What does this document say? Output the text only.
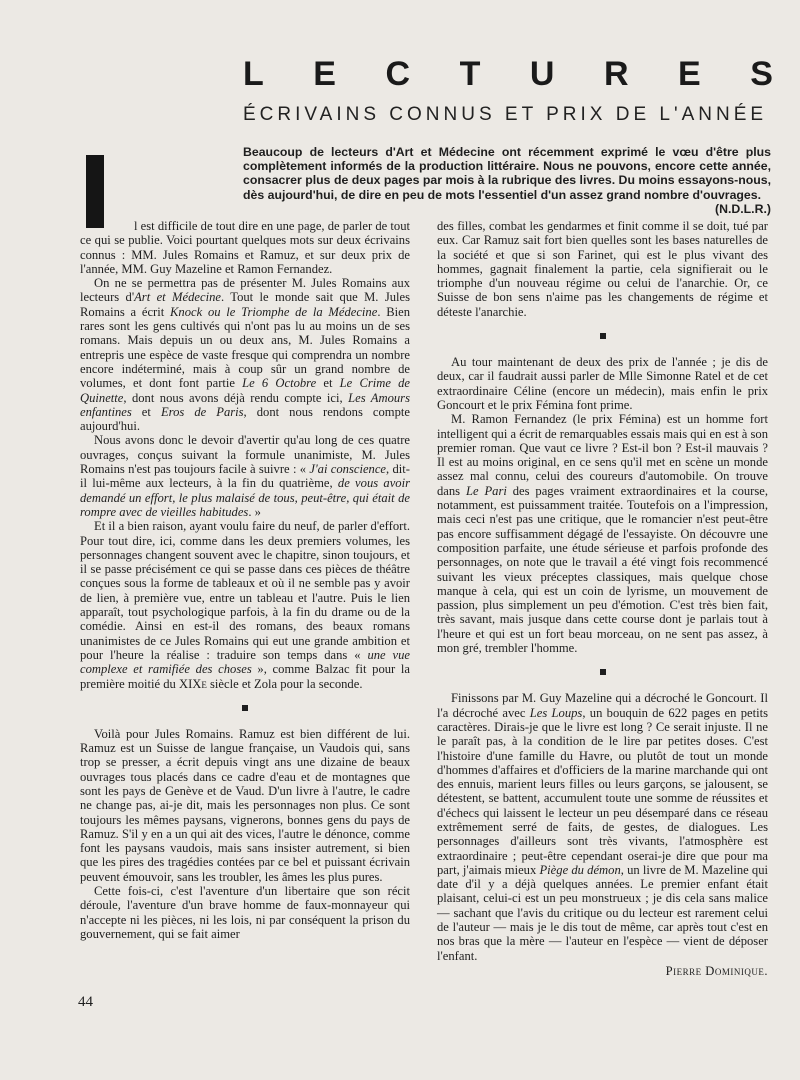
L E C T U R E S
ÉCRIVAINS CONNUS ET PRIX DE L'ANNÉE

Beaucoup de lecteurs d'Art et Médecine ont récemment exprimé le vœu d'être plus complètement informés de la production littéraire. Nous ne pouvons, encore cette année, consacrer plus de deux pages par mois à la rubrique des livres. Du moins essayons-nous, dès aujourd'hui, de dire en peu de mots l'essentiel d'un assez grand nombre d'ouvrages.
(N.D.L.R.)

l est difficile de tout dire en une page, de parler de tout ce qui se publie. Voici pourtant quelques mots sur deux écrivains connus : MM. Jules Romains et Ramuz, et sur deux prix de l'année, MM. Guy Mazeline et Ramon Fernandez.

On ne se permettra pas de présenter M. Jules Romains aux lecteurs d'Art et Médecine. Tout le monde sait que M. Jules Romains a écrit Knock ou le Triomphe de la Médecine. Bien rares sont les gens cultivés qui n'ont pas lu au moins un de ses romans. Mais depuis un ou deux ans, M. Jules Romains a entrepris une espèce de vaste fresque qui comprendra un nombre encore indéterminé, mais à coup sûr un grand nombre de volumes, et dont font partie Le 6 Octobre et Le Crime de Quinette, dont nous avons déjà rendu compte ici, Les Amours enfantines et Eros de Paris, dont nous rendons compte aujourd'hui.

Nous avons donc le devoir d'avertir qu'au long de ces quatre ouvrages, conçus suivant la formule unanimiste, M. Jules Romains n'est pas toujours facile à suivre : « J'ai conscience, dit-il lui-même aux lecteurs, à la fin du quatrième, de vous avoir demandé un effort, le plus malaisé de tous, peut-être, qui était de rompre avec de vieilles habitudes. »

Et il a bien raison, ayant voulu faire du neuf, de parler d'effort. Pour tout dire, ici, comme dans les deux premiers volumes, les personnages changent souvent avec le chapitre, sinon toujours, et il se passe précisément ce qui se passe dans ces pièces de théâtre conçues sous la forme de tableaux et où il ne semble pas y avoir de lien, à première vue, entre un tableau et l'autre. Puis le lien apparaît, tout psychologique parfois, à la fin du drame ou de la comédie. Ainsi en est-il des romans, des beaux romans unanimistes de ce Jules Romains qui eut une grande ambition et pour l'heure la réalise : traduire son temps dans « une vue complexe et ramifiée des choses », comme Balzac fit pour la première moitié du XIXe siècle et Zola pour la seconde.

Voilà pour Jules Romains. Ramuz est bien différent de lui. Ramuz est un Suisse de langue française, un Vaudois qui, sans trop se presser, a écrit depuis vingt ans une dizaine de beaux ouvrages tous placés dans ce cadre d'eau et de montagnes que sont les pays de Genève et de Vaud. D'un livre à l'autre, le cadre ne change pas, ai-je dit, mais les personnages non plus. Ce sont toujours les mêmes paysans, vignerons, bonnes gens du pays de Ramuz. S'il y en a un qui ait des vices, l'autre le dénonce, comme font les paysans vaudois, mais sans insister autrement, si bien que les pires des tragédies contées par ce bel et puissant écrivain peuvent émouvoir, sans les troubler, les âmes les plus pures.

Cette fois-ci, c'est l'aventure d'un libertaire que son récit déroule, l'aventure d'un brave homme de faux-monnayeur qui n'accepte ni les pièces, ni les lois, ni par conséquent la prison du gouvernement, qui se fait aimer

des filles, combat les gendarmes et finit comme il se doit, tué par eux. Car Ramuz sait fort bien quelles sont les bases naturelles de la société et que si son Farinet, qui est le plus vivant des hommes, gagnait finalement la partie, cela signifierait ou le triomphe d'un nouveau régime ou celui de l'anarchie. Or, ce Suisse de bon sens n'aime pas les changements de régime et déteste l'anarchie.

Au tour maintenant de deux des prix de l'année ; je dis de deux, car il faudrait aussi parler de Mlle Simonne Ratel et de cet extraordinaire Céline (encore un médecin), mais enfin le prix Goncourt et le prix Fémina font prime.

M. Ramon Fernandez (le prix Fémina) est un homme fort intelligent qui a écrit de remarquables essais mais qui en est à son premier roman. Que vaut ce livre ? Est-il bon ? Est-il mauvais ? Il est au moins original, en ce sens qu'il met en scène un monde assez mal connu, celui des coureurs d'automobile. On trouve dans Le Pari des pages vraiment extraordinaires et la course, notamment, est puissamment traitée. Toutefois on a l'impression, mais ceci n'est pas une critique, que le romancier n'est peut-être pas encore suffisamment dégagé de l'essayiste. On découvre une composition parfaite, une étude sérieuse et parfois profonde des personnages, on note que le travail a été vingt fois recommencé suivant les vieux préceptes classiques, mais quelque chose manque à cela, qui est un coin de lyrisme, un mouvement de passion, plus simplement un peu d'émotion. C'est très bien fait, très savant, mais jusque dans cette course dont je parlais tout à l'heure et qui est un fort beau morceau, on ne sent pas assez, à mon gré, trembler l'homme.

Finissons par M. Guy Mazeline qui a décroché le Goncourt. Il l'a décroché avec Les Loups, un bouquin de 622 pages en petits caractères. Dirais-je que le livre est long ? Ce serait injuste. Il ne le paraît pas, à la condition de le lire par petites doses. C'est l'histoire d'une famille du Havre, ou plutôt de tout un monde d'hommes d'affaires et d'officiers de la marine marchande qui ont des ennuis, marient leurs filles ou leurs garçons, se jalousent, se détestent, se battent, accumulent toute une somme de réussites et d'échecs qui laissent le lecteur un peu désemparé dans ce réseau extrêmement serré de faits, de gestes, de dialogues. Les personnages d'ailleurs sont très vivants, l'atmosphère est extraordinaire ; peut-être cependant oserai-je dire que pour ma part, j'aimais mieux Piège du démon, un livre de M. Mazeline qui date d'il y a déjà quelques années. Le premier enfant était plaisant, celui-ci est un peu monstrueux ; je dis cela sans malice — sachant que l'avis du critique ou du lecteur est rarement celui de l'auteur — mais je le dis tout de même, car après tout c'est en nos bras que la mère — l'auteur en l'espèce — vient de déposer l'enfant.

Pierre Dominique.
44
